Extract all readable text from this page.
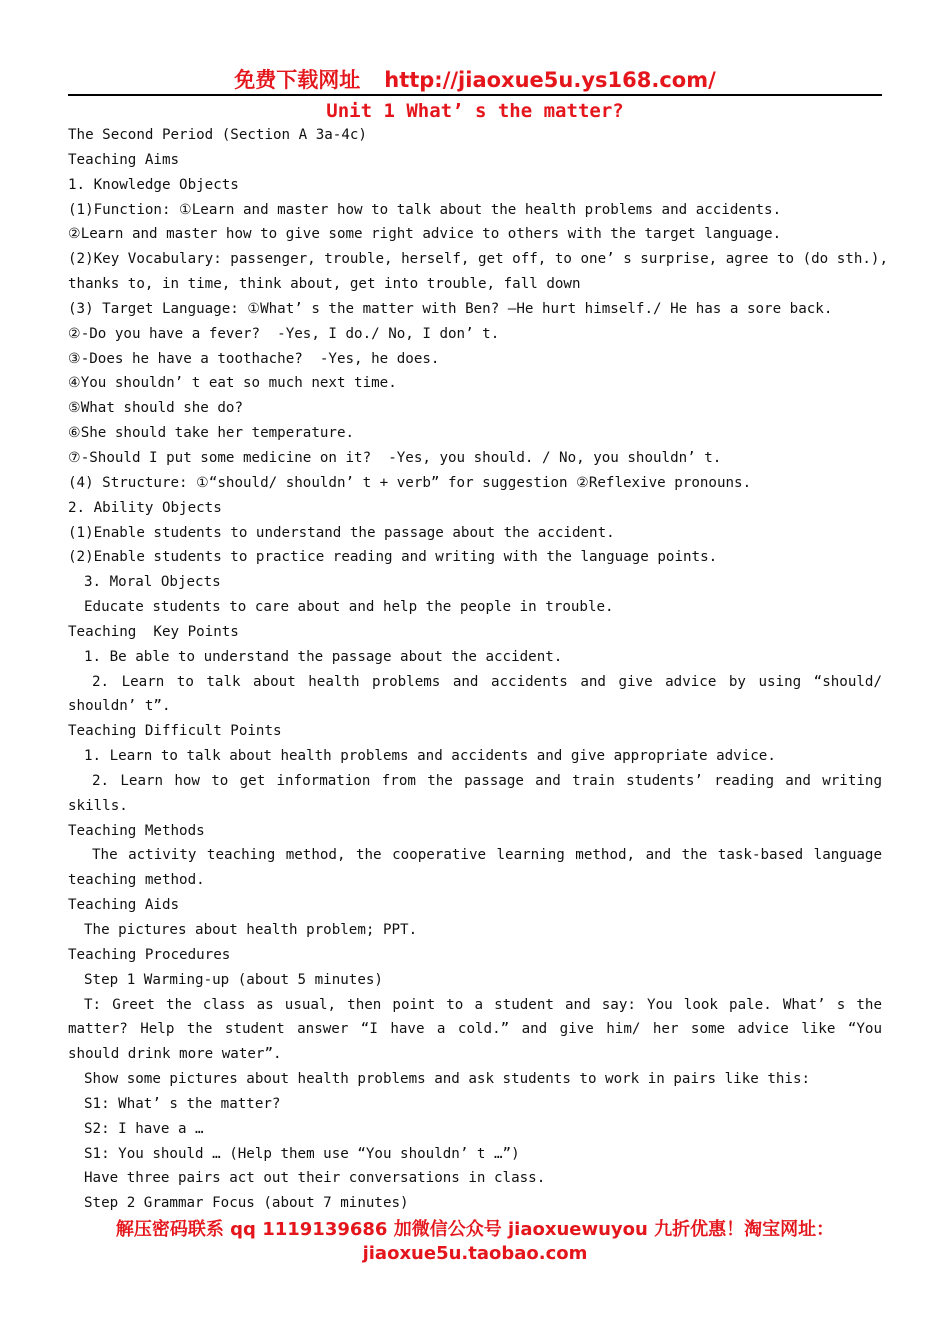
免费下载网址 http://jiaoxue5u.ys168.com/
Unit 1 What’ s the matter?
The Second Period (Section A 3a-4c)
Teaching Aims
1. Knowledge Objects
(1)Function: ①Learn and master how to talk about the health problems and accidents.
②Learn and master how to give some right advice to others with the target language.
(2)Key Vocabulary: passenger, trouble, herself, get off, to one’ s surprise, agree to (do sth.),
thanks to, in time, think about, get into trouble, fall down
(3) Target Language: ①What’ s the matter with Ben? –He hurt himself./ He has a sore back.
②-Do you have a fever?  -Yes, I do./ No, I don’ t.
③-Does he have a toothache?  -Yes, he does.
④You shouldn’ t eat so much next time.
⑤What should she do?
⑥She should take her temperature.
⑦-Should I put some medicine on it?  -Yes, you should. / No, you shouldn’ t.
(4) Structure: ①“should/ shouldn’ t + verb” for suggestion ②Reflexive pronouns.
2. Ability Objects
(1)Enable students to understand the passage about the accident.
(2)Enable students to practice reading and writing with the language points.
3. Moral Objects
Educate students to care about and help the people in trouble.
Teaching  Key Points
1. Be able to understand the passage about the accident.
2. Learn to talk about health problems and accidents and give advice by using “should/
shouldn’ t”.
Teaching Difficult Points
1. Learn to talk about health problems and accidents and give appropriate advice.
2. Learn how to get information from the passage and train students’ reading and writing
skills.
Teaching Methods
The activity teaching method, the cooperative learning method, and the task-based language
teaching method.
Teaching Aids
The pictures about health problem; PPT.
Teaching Procedures
Step 1 Warming-up (about 5 minutes)
T: Greet the class as usual, then point to a student and say: You look pale. What’ s the
matter? Help the student answer “I have a cold.” and give him/ her some advice like “You
should drink more water”.
Show some pictures about health problems and ask students to work in pairs like this:
S1: What’ s the matter?
S2: I have a …
S1: You should … (Help them use “You shouldn’ t …”)
Have three pairs act out their conversations in class.
Step 2 Grammar Focus (about 7 minutes)
解压密码联系 qq 1119139686 加微信公众号 jiaoxuewuyou 九折优惠！淘宝网址：
jiaoxue5u.taobao.com
